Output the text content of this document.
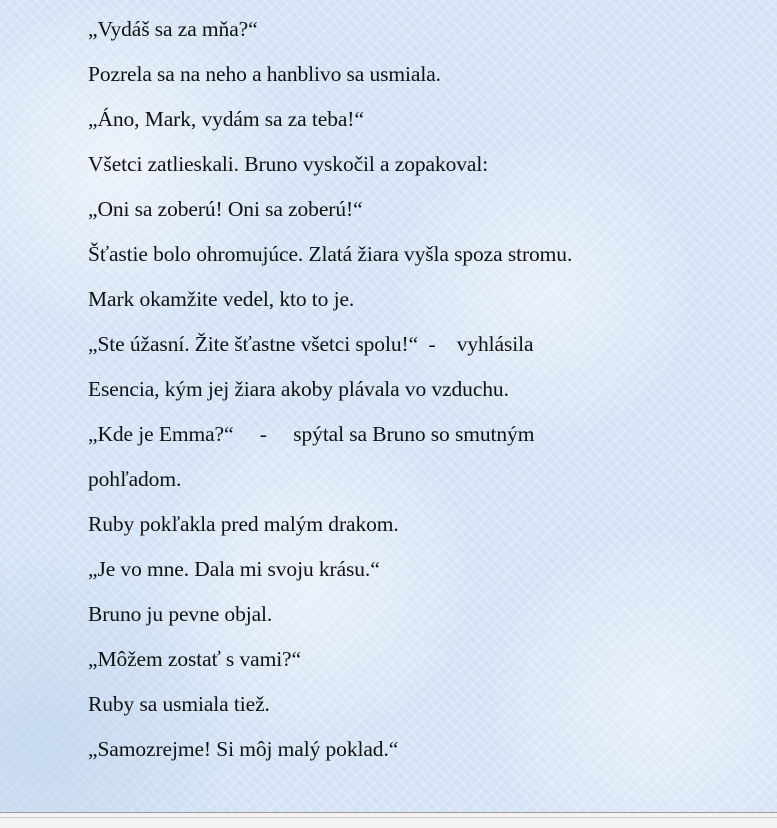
„Vydáš sa za mňa?“
Pozrela sa na neho a hanblivo sa usmiala.
„Áno, Mark, vydám sa za teba!“
Všetci zatlieskali. Bruno vyskočil a zopakoval:
„Oni sa zoberú! Oni sa zoberú!“
Šťastie bolo ohromujúce. Zlatá žiara vyšla spoza stromu.
Mark okamžite vedel, kto to je.
„Ste úžasní. Žite šťastne všetci spolu!“  -    vyhlásila
Esencia, kým jej žiara akoby plávala vo vzduchu.
„Kde je Emma?“     -     spýtal sa Bruno so smutným
pohľadom.
Ruby pokľakla pred malým drakom.
„Je vo mne. Dala mi svoju krásu.“
Bruno ju pevne objal.
„Môžem zostať s vami?“
Ruby sa usmiala tiež.
„Samozrejme! Si môj malý poklad.“
